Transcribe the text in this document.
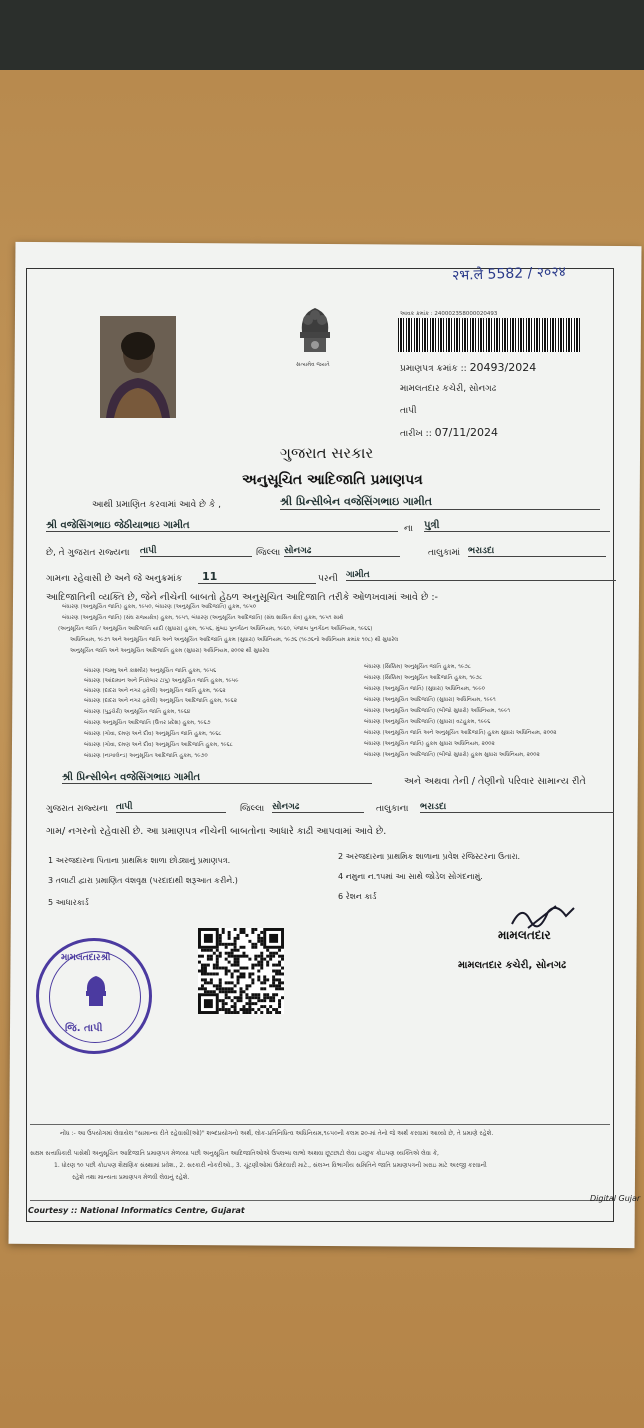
२भ.ले 5582 / २०२४
સત્યમેવ જયતે
આવક ક્રમાંક : 240002358000020493
પ્રમાણપત્ર ક્રમાંક :: 20493/2024
મામલતદાર કચેરી, સોનગઢ
તાપી
તારીખ :: 07/11/2024
ગુજરાત સરકાર
અનુસૂચિત આદિજાતિ પ્રમાણપત્ર
આથી પ્રમાણિત કરવામાં આવે છે કે ,	શ્રી પ્રિન્સીબેન વજેસિંગભાઇ ગામીત
શ્રી વજેસિંગભાઇ જેઠીયાભાઇ ગામીત	ના પુત્રી
છે, તે ગુજરાત રાજ્યના તાપી	જિલ્લા સોનગઢ	તાલુકામાં ભરાડદા
ગામના રહેવાસી છે અને જે અનુક્રમાંક	11	પરની ગામીત
આદિજાતિની વ્યક્તિ છે, જેને નીચેની બાબતો હેઠળ અનુસૂચિત આદિજાતિ તરીકે ઓળખવામાં આવે છે :-
બંધારણ (અનુસૂચિત જાતિ) હુકમ, ૧૯૫૦, બંધારણ (અનુસૂચિત આદિજાતિ) હુકમ, ૧૯૫૦
બંધારણ (અનુસૂચિત જાતિ) (સંઘ રાજ્યક્ષેત્ર) હુકમ, ૧૯૫૧, બંધારણ (અનુસૂચિત આદિજાતિ) (સંઘ શાસિત ક્ષેત્ર) હુકમ, ૧૯૫૧ સાથે
(અનુસૂચિત જાતિ / અનુસૂચિત આદિજાતિ યાદી (સુધારા) હુકમ, ૧૯૫૬, મુંબઇ પુનર્ગઠન અધિનિયમ, ૧૯૬૦, પંજાબ પુનર્ગઠન અધિનિયમ, ૧૯૬૬)
અધિનિયમ, ૧૯૭૧ અને અનુસૂચિત જાતિ અને અનુસૂચિત આદિજાતિ હુકમ (સુધારા) અધિનિયમ, ૧૯૭૬ (૧૯૭૬નો અધિનિયમ ક્રમાંક ૧૦૮) થી સુધારેલ
અનુસૂચિત જાતિ અને અનુસૂચિત આદિજાતિ હુકમ (સુધારા) અધિનિયમ, ૨૦૦૨ થી સુધારેલ
બંધારણ (જમ્મુ અને કાશ્મીર) અનુસૂચિત જાતિ હુકમ, ૧૯૫૬
બંધારણ (આંદામાન અને નિકોબાર ટાપુ) અનુસૂચિત જાતિ હુકમ, ૧૯૫૯
બંધારણ (દાદરા અને નગર હવેલી) અનુસૂચિત જાતિ હુકમ, ૧૯૬૨
બંધારણ (દાદરા અને નગર હવેલી) અનુસૂચિત આદિજાતિ હુકમ, ૧૯૬૨
બંધારણ (પુડુચેરી) અનુસૂચિત જાતિ હુકમ, ૧૯૬૪
બંધારણ અનુસૂચિત આદિજાતિ (ઉત્તર પ્રદેશ) હુકમ, ૧૯૬૭
બંધારણ (ગોવા, દમણ અને દીવ) અનુસૂચિત જાતિ હુકમ, ૧૯૬૮
બંધારણ (ગોવા, દમણ અને દીવ) અનુસૂચિત આદિજાતિ હુકમ, ૧૯૬૮
બંધારણ (નાગાલેન્ડ) અનુસૂચિત આદિજાતિ હુકમ, ૧૯૭૦
બંધારણ (સિક્કિમ) અનુસૂચિત જાતિ હુકમ, ૧૯૭૮
બંધારણ (સિક્કિમ) અનુસૂચિત આદિજાતિ હુકમ, ૧૯૭૮
બંધારણ (અનુસૂચિત જાતિ) (સુધારા) અધિનિયમ, ૧૯૯૦
બંધારણ (અનુસૂચિત આદિજાતિ) (સુધારા) અધિનિયમ, ૧૯૯૧
બંધારણ (અનુસૂચિત આદિજાતિ) (બીજો સુધારો) અધિનિયમ, ૧૯૯૧
બંધારણ (અનુસૂચિત આદિજાતિ) (સુધારા) વટહુકમ, ૧૯૯૬
બંધારણ (અનુસૂચિત જાતિ અને અનુસૂચિત આદિજાતિ) હુકમ સુધારા અધિનિયમ, ૨૦૦૨
બંધારણ (અનુસૂચિત જાતિ) હુકમ સુધારા અધિનિયમ, ૨૦૦૨
બંધારણ (અનુસૂચિત આદિજાતિ) (બીજો સુધારો) હુકમ સુધારા અધિનિયમ, ૨૦૦૨
શ્રી પ્રિન્સીબેન વજેસિંગભાઇ ગામીત	અને અથવા તેની / તેણીનો પરિવાર સામાન્ય રીતે
ગુજરાત રાજ્યના તાપી	જિલ્લા સોનગઢ	તાલુકાના ભરાડદા
ગામ/ નગરનો રહેવાસી છે. આ પ્રમાણપત્ર નીચેની બાબતોના આધારે કાઢી આપવામાં આવે છે.
1 અરજદારના પિતાના પ્રાથમિક શાળા છોડ્યાનું પ્રમાણપત્ર.	2 અરજદારના પ્રાથમિક શાળાના પ્રવેશ રજિસ્ટરના ઉતારા.
3 તલાટી દ્વારા પ્રમાણિત વંશવૃક્ષ (પરદાદાથી શરૂઆત કરીને.)	4 નમુના ન.૧૫માં આ સાથે જોડેલ સોગંદનામું.
5 આધારકાર્ડ
6 રેશન કાર્ડ
મામલતદાર
મામલતદાર કચેરી, સોનગઢ
મામલતદારશ્રી
જિ. તાપી
નોંધ :- આ ઉપયોગમાં લેવાયેલ "સામાન્ય રીતે રહેવાસી(ઓ)" શબ્દપ્રયોગનો અર્થ, લોક-પ્રતિનિધિત્વ અધિનિયમ,૧૯૫૦ની કલમ ૨૦-માં તેનો જે અર્થ કરવામાં આવ્યો છે, તે પ્રમાણે રહેશે.
સક્ષમ સત્તાધિકારી પાસેથી અનુસૂચિત આદિજાતિ પ્રમાણપત્ર મેળવ્યા પછી અનુસૂચિત આદિજાતિઓએ ઉપલબ્ધ લાભો અથવા છૂટછાટો લેવા ઇચ્છુક કોઇપણ વ્યક્તિએ લેવા કે,
1. ધોરણ ૧૦ પછી કોઇપણ શૈક્ષણિક સંસ્થામાં પ્રવેશ., 2. સરકારી નોકરીઓ., 3. ચૂંટણીઓમાં ઉમેદવારી માટે., સંલગ્ન વિભાગીય સમિતિને જાતિ પ્રમાણપત્રની ખરાઇ માટે અરજી કરવાની
રહેશે તથા માન્યતા પ્રમાણપત્ર મેળવી લેવાનું રહેશે.
Courtesy :: National Informatics Centre, Gujarat
Digital Gujar
